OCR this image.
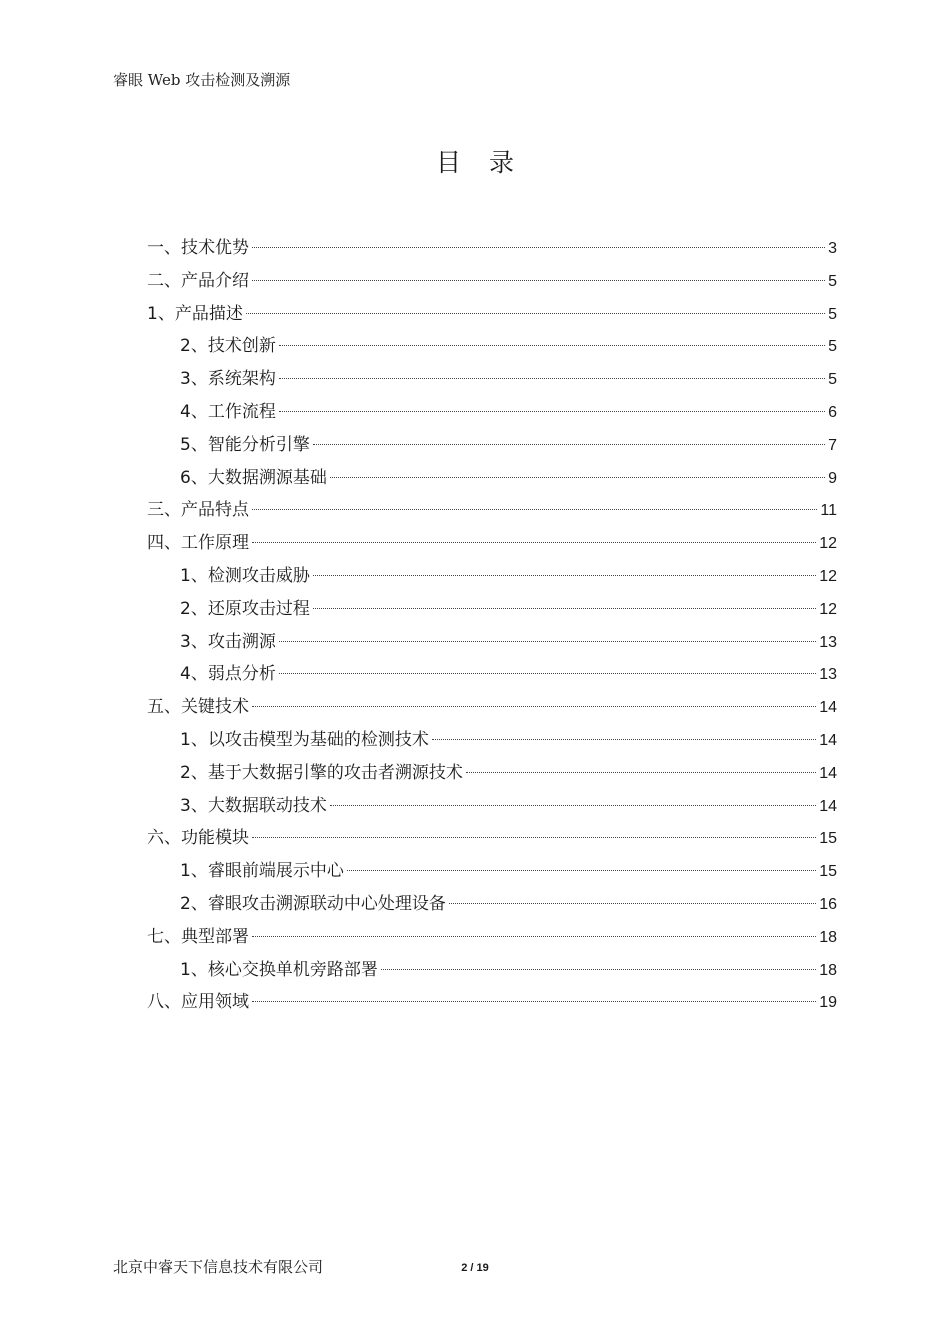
睿眼 Web 攻击检测及溯源
目录
一、技术优势	3
二、产品介绍	5
1、产品描述	5
2、技术创新	5
3、系统架构	5
4、工作流程	6
5、智能分析引擎	7
6、大数据溯源基础	9
三、产品特点	11
四、工作原理	12
1、检测攻击威胁	12
2、还原攻击过程	12
3、攻击溯源	13
4、弱点分析	13
五、关键技术	14
1、以攻击模型为基础的检测技术	14
2、基于大数据引擎的攻击者溯源技术	14
3、大数据联动技术	14
六、功能模块	15
1、睿眼前端展示中心	15
2、睿眼攻击溯源联动中心处理设备	16
七、典型部署	18
1、核心交换单机旁路部署	18
八、应用领域	19
北京中睿天下信息技术有限公司	2 / 19
